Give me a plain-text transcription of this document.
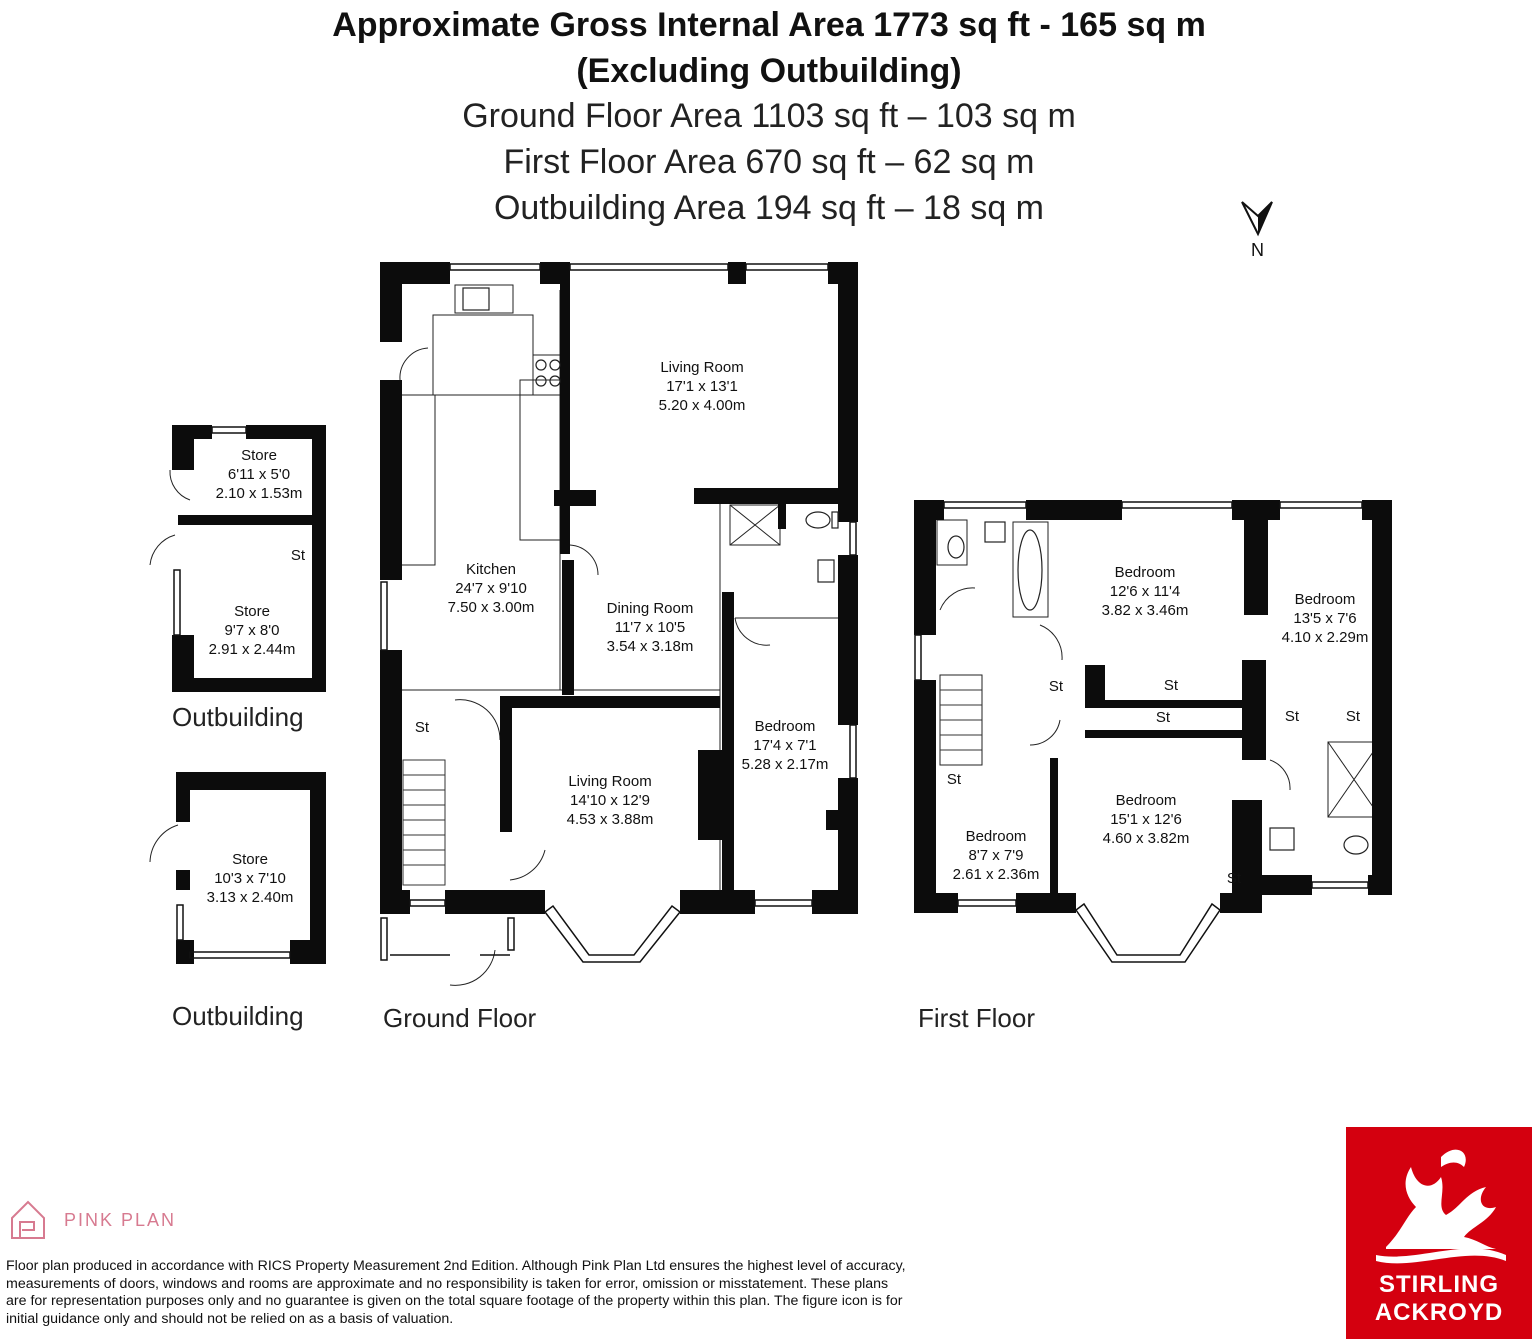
Approximate Gross Internal Area 1773 sq ft - 165 sq m
(Excluding Outbuilding)
Ground Floor Area 1103 sq ft – 103 sq m
First Floor Area 670 sq ft – 62 sq m
Outbuilding Area 194 sq ft – 18 sq m
N
Living Room
17'1 x 13'1
5.20 x 4.00m
Kitchen
24'7 x 9'10
7.50 x 3.00m	Dining Room
11'7 x 10'5
3.54 x 3.18m
Living Room
14'10 x 12'9
4.53 x 3.88m
Bedroom
17'4 x 7'1
5.28 x 2.17m
St
Bedroom
12'6 x 11'4
3.82 x 3.46m
Bedroom
13'5 x 7'6
4.10 x 2.29m
Bedroom
15'1 x 12'6
4.60 x 3.82m
Bedroom
8'7 x 7'9
2.61 x 2.36m
St	St
St	St	St
St
St
Store
6'11 x 5'0
2.10 x 1.53m
Store
9'7 x 8'0
2.91 x 2.44m
St
Store
10'3 x 7'10
3.13 x 2.40m
Outbuilding
Outbuilding	Ground Floor	First Floor
PINK PLAN
Floor plan produced in accordance with RICS Property Measurement 2nd Edition. Although Pink Plan Ltd ensures the highest level of accuracy, measurements of doors, windows and rooms are approximate and no responsibility is taken for error, omission or misstatement. These plans are for representation purposes only and no guarantee is given on the total square footage of the property within this plan. The figure icon is for initial guidance only and should not be relied on as a basis of valuation.
STIRLING
ACKROYD
